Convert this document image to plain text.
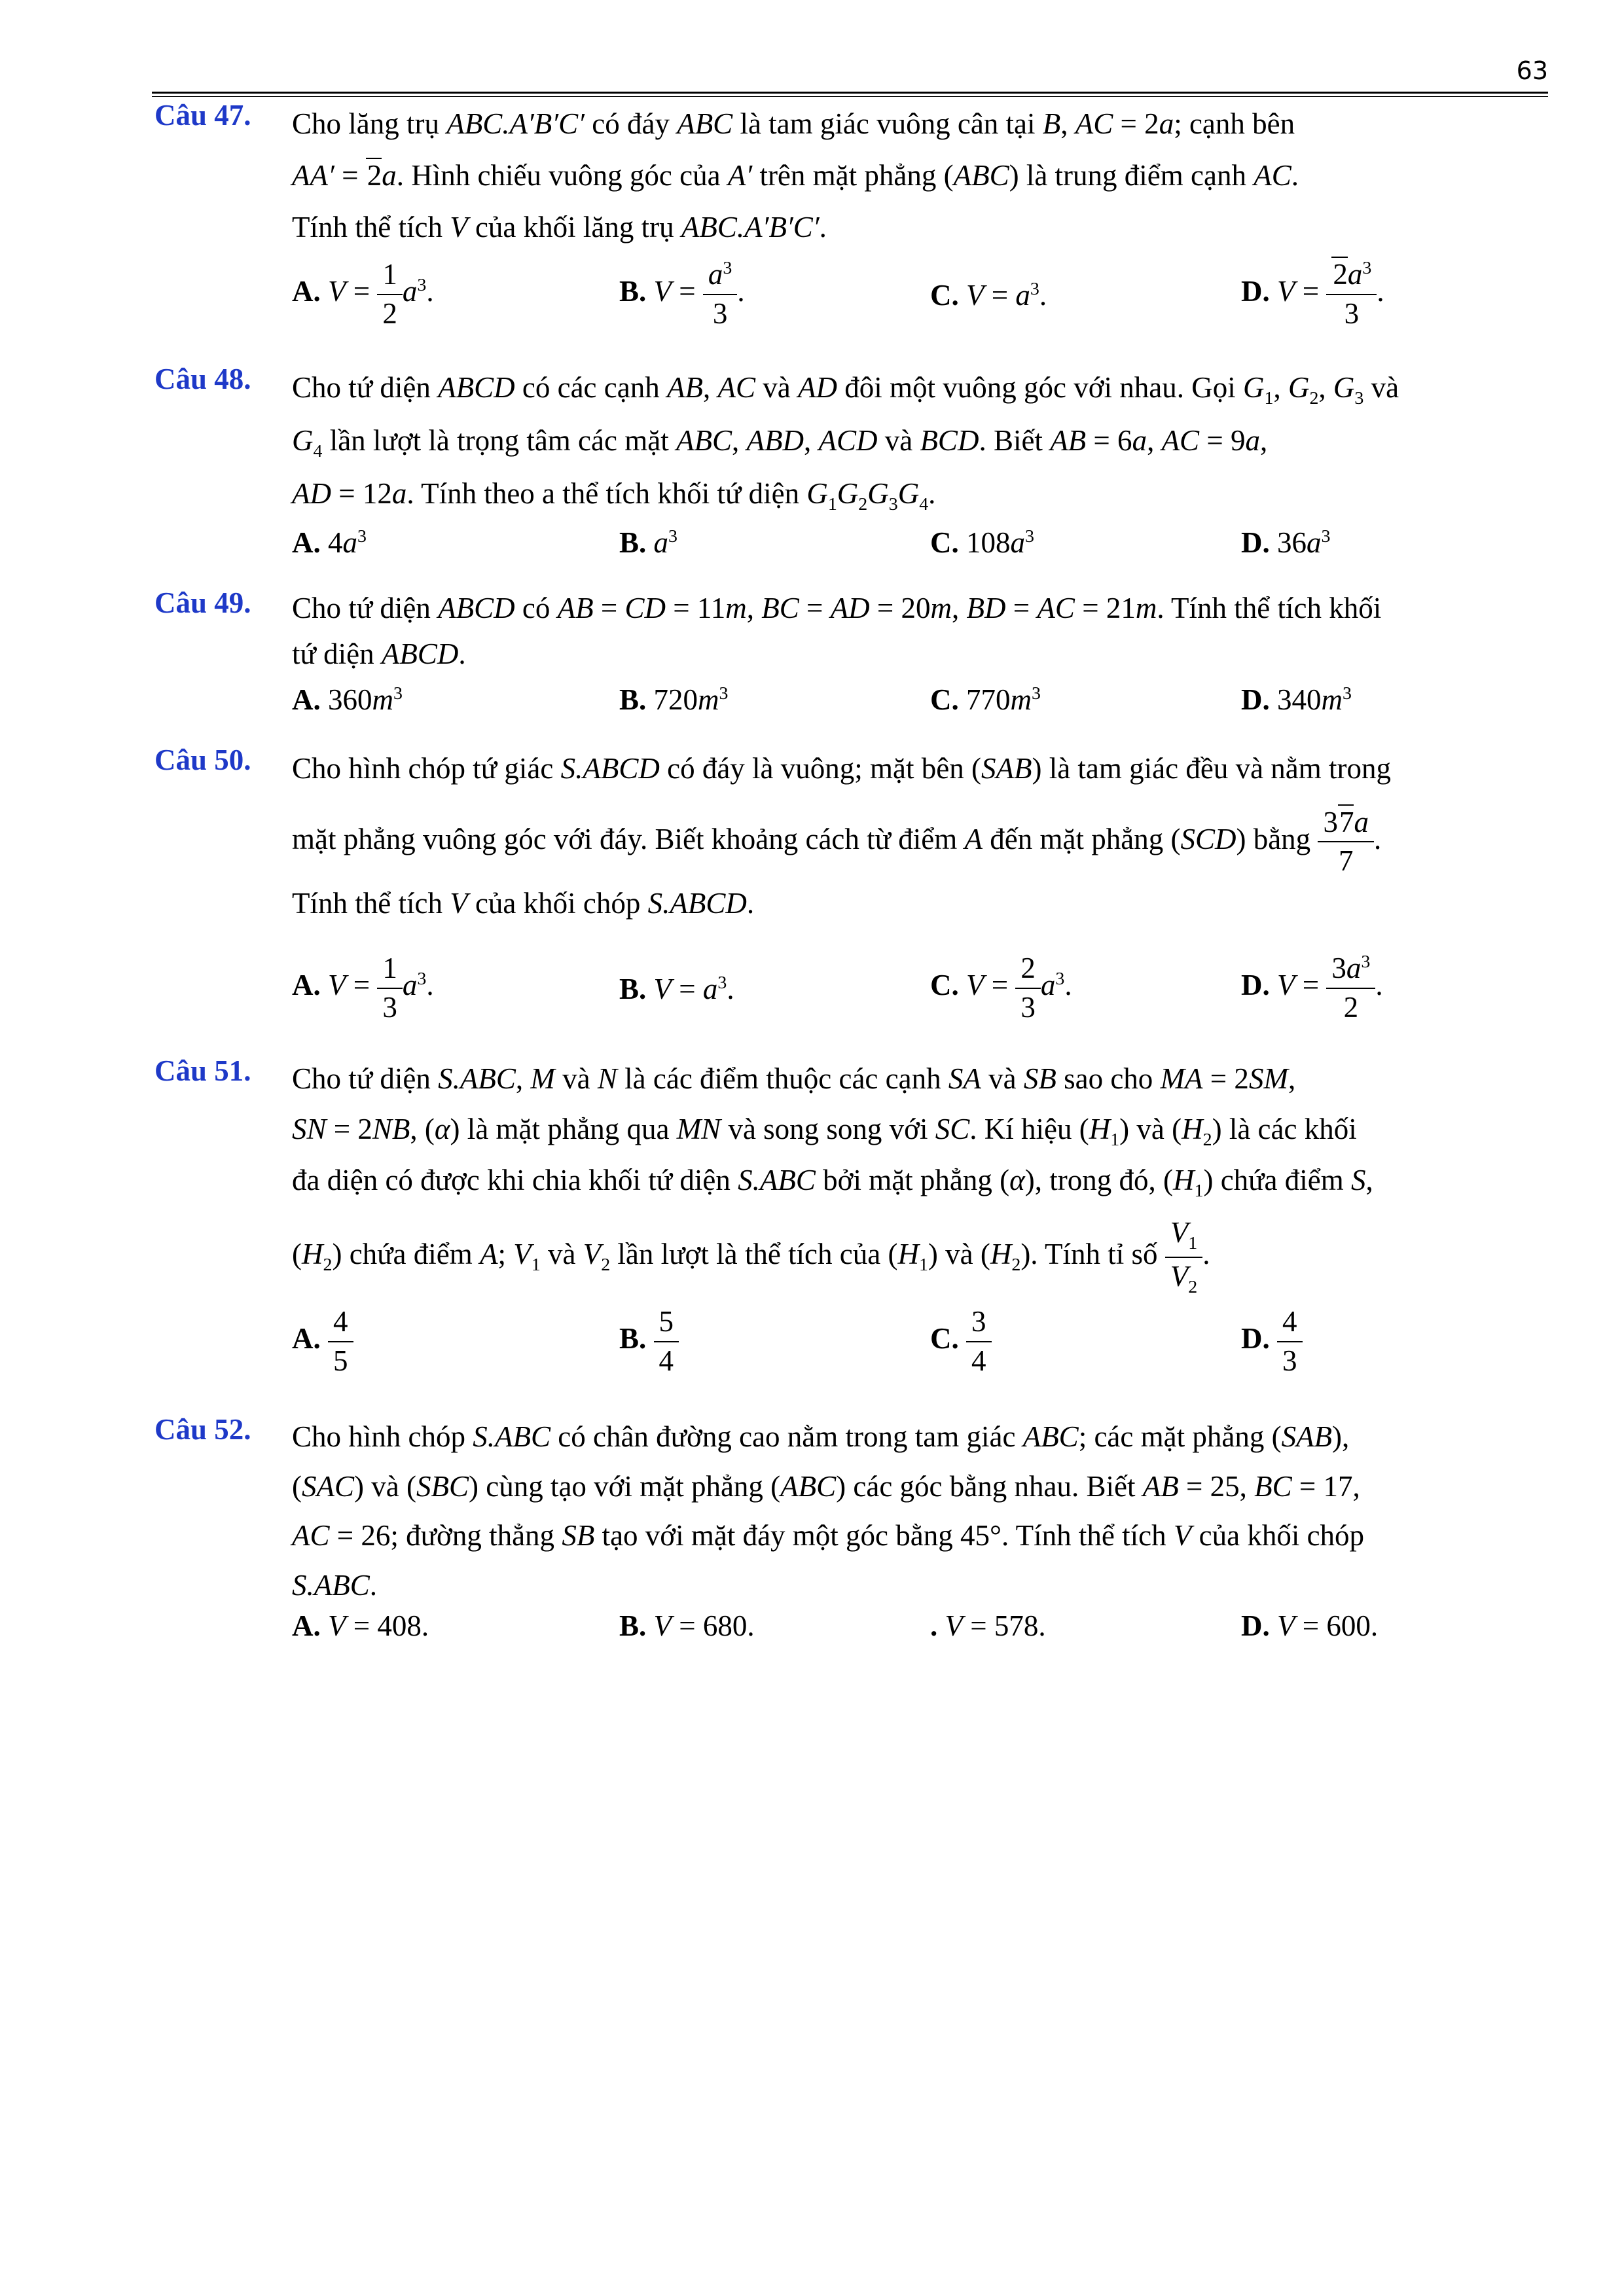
63
Câu 47. Cho lăng trụ ABC.A′B′C′ có đáy ABC là tam giác vuông cân tại B, AC = 2a; cạnh bên
AA′ = 2a. Hình chiếu vuông góc của A′ trên mặt phẳng (ABC) là trung điểm cạnh AC.
Tính thể tích V của khối lăng trụ ABC.A′B′C′.
A. $V = \frac{1}{2} a^3$.	B. $V = \frac{a^3}{3}$ .	C. $V = a^3$.	D. $V = \frac{2a^3}{3}$ .
Câu 48. Cho tứ diện ABCD có các cạnh AB, AC và AD đôi một vuông góc với nhau. Gọi $G_1$, $G_2$, $G_3$ và
$G_4$ lần lượt là trọng tâm các mặt ABC, ABD, ACD và BCD. Biết AB = 6a, AC = 9a,
AD = 12a. Tính theo a thể tích khối tứ diện $G_1G_2G_3G_4$.
A. $4a^3$	B. $a^3$	C. $108a^3$	D. $36a^3$
Câu 49. Cho tứ diện ABCD có AB = CD = 11m, BC = AD = 20m, BD = AC = 21m. Tính thể tích khối
tứ diện ABCD.
A. $360m^3$	B. $720m^3$	C. $770m^3$	D. $340m^3$
Câu 50. Cho hình chóp tứ giác S.ABCD có đáy là vuông; mặt bên (SAB) là tam giác đều và nằm trong
mặt phẳng vuông góc với đáy. Biết khoảng cách từ điểm A đến mặt phẳng (SCD) bằng $\frac{37a}{7}$ .
Tính thể tích V của khối chóp S.ABCD.
A. $V = \frac{1}{3} a^3$.	B. $V = a^3$.	C. $V = \frac{2}{3} a^3$.	D. $V = \frac{3a^3}{2}$ .
Câu 51. Cho tứ diện S.ABC, M và N là các điểm thuộc các cạnh SA và SB sao cho MA = 2SM,
SN = 2NB, (α) là mặt phẳng qua MN và song song với SC. Kí hiệu $(H_1)$ và $(H_2)$ là các khối
đa diện có được khi chia khối tứ diện S.ABC bởi mặt phẳng (α), trong đó, $(H_1)$ chứa điểm S,
$(H_2)$ chứa điểm A; $V_1$ và $V_2$ lần lượt là thể tích của $(H_1)$ và $(H_2)$. Tính tỉ số $\frac{V_1}{V_2}$ .
A. $\frac{4}{5}$	B. $\frac{5}{4}$	C. $\frac{3}{4}$	D. $\frac{4}{3}$
Câu 52. Cho hình chóp S.ABC có chân đường cao nằm trong tam giác ABC; các mặt phẳng (SAB),
(SAC) và (SBC) cùng tạo với mặt phẳng (ABC) các góc bằng nhau. Biết AB = 25, BC = 17,
AC = 26; đường thẳng SB tạo với mặt đáy một góc bằng 45°. Tính thể tích V của khối chóp
S.ABC.
A. V = 408.	B. V = 680.	. V = 578.	D. V = 600.
